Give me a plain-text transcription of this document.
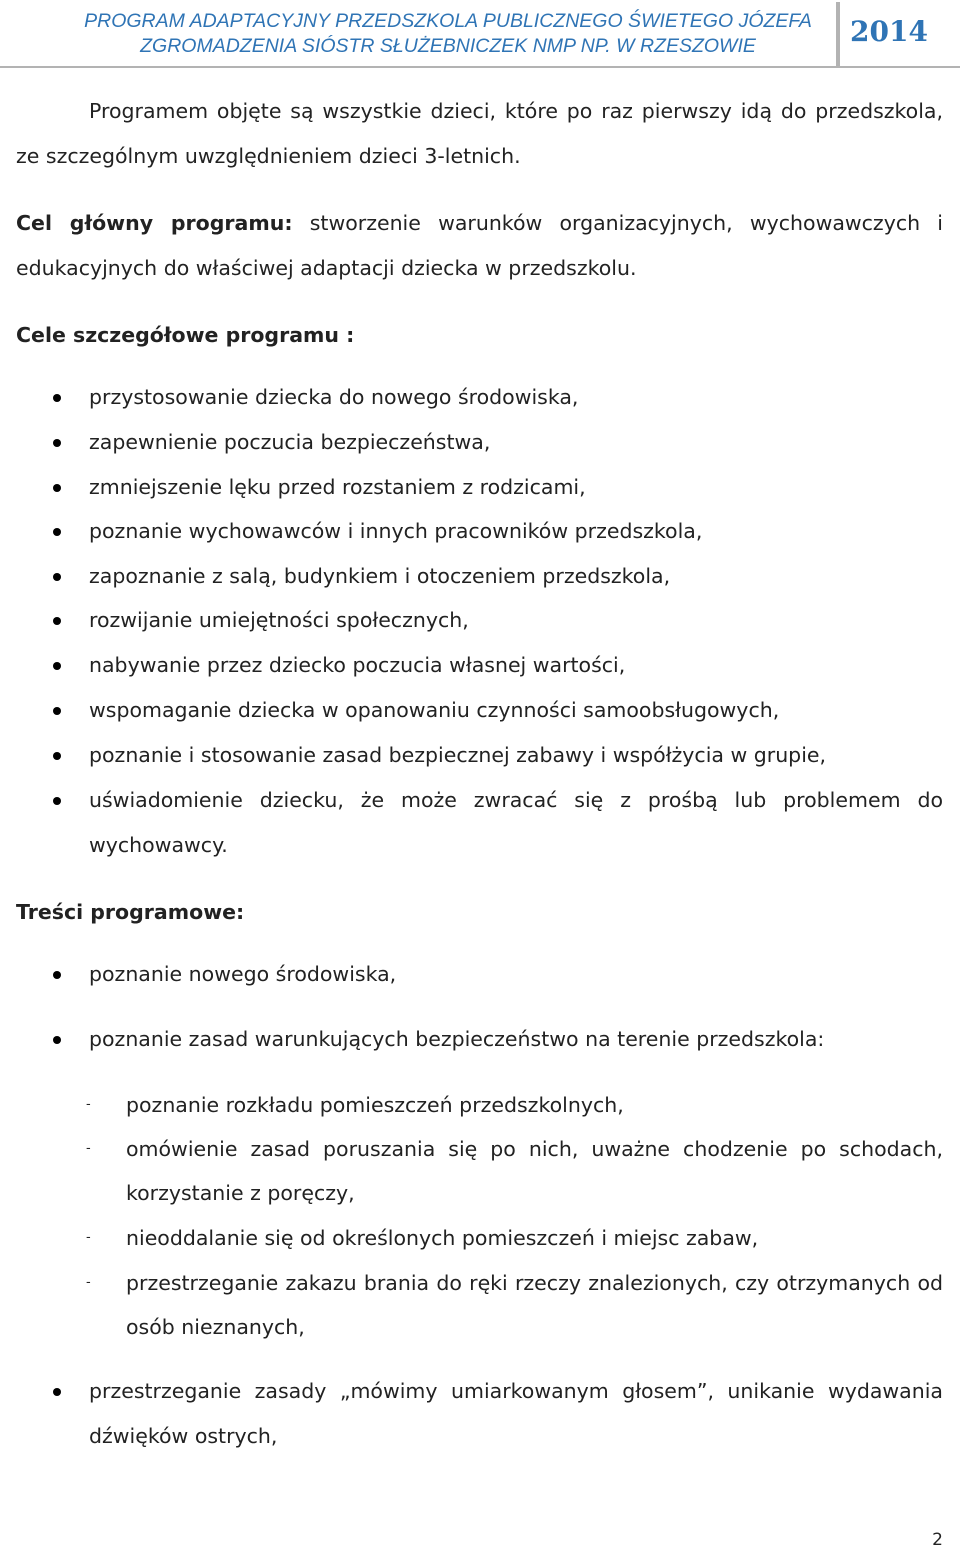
PROGRAM ADAPTACYJNY PRZEDSZKOLA PUBLICZNEGO ŚWIETEGO JÓZEFA
ZGROMADZENIA SIÓSTR SŁUŻEBNICZEK NMP NP. W RZESZOWIE	2014

Programem objęte są wszystkie dzieci, które po raz pierwszy idą do przedszkola, ze szczególnym uwzględnieniem dzieci 3-letnich.

Cel główny programu: stworzenie warunków organizacyjnych, wychowawczych i edukacyjnych do właściwej adaptacji dziecka w przedszkolu.

Cele szczegółowe programu :
przystosowanie dziecka do nowego środowiska,
zapewnienie poczucia bezpieczeństwa,
zmniejszenie lęku przed rozstaniem z rodzicami,
poznanie wychowawców i innych pracowników przedszkola,
zapoznanie z salą, budynkiem i otoczeniem przedszkola,
rozwijanie umiejętności społecznych,
nabywanie przez dziecko poczucia własnej wartości,
wspomaganie dziecka w opanowaniu czynności samoobsługowych,
poznanie i stosowanie zasad bezpiecznej zabawy i współżycia w grupie,
uświadomienie dziecku, że może zwracać się z prośbą lub problemem do wychowawcy.
Treści programowe:
poznanie nowego środowiska,
poznanie zasad warunkujących bezpieczeństwo na terenie przedszkola:
- poznanie rozkładu pomieszczeń przedszkolnych,
- omówienie zasad poruszania się po nich, uważne chodzenie po schodach, korzystanie z poręczy,
- nieoddalanie się od określonych pomieszczeń i miejsc zabaw,
- przestrzeganie zakazu brania do ręki rzeczy znalezionych, czy otrzymanych od osób nieznanych,
przestrzeganie zasady „mówimy umiarkowanym głosem”, unikanie wydawania dźwięków ostrych,
2
